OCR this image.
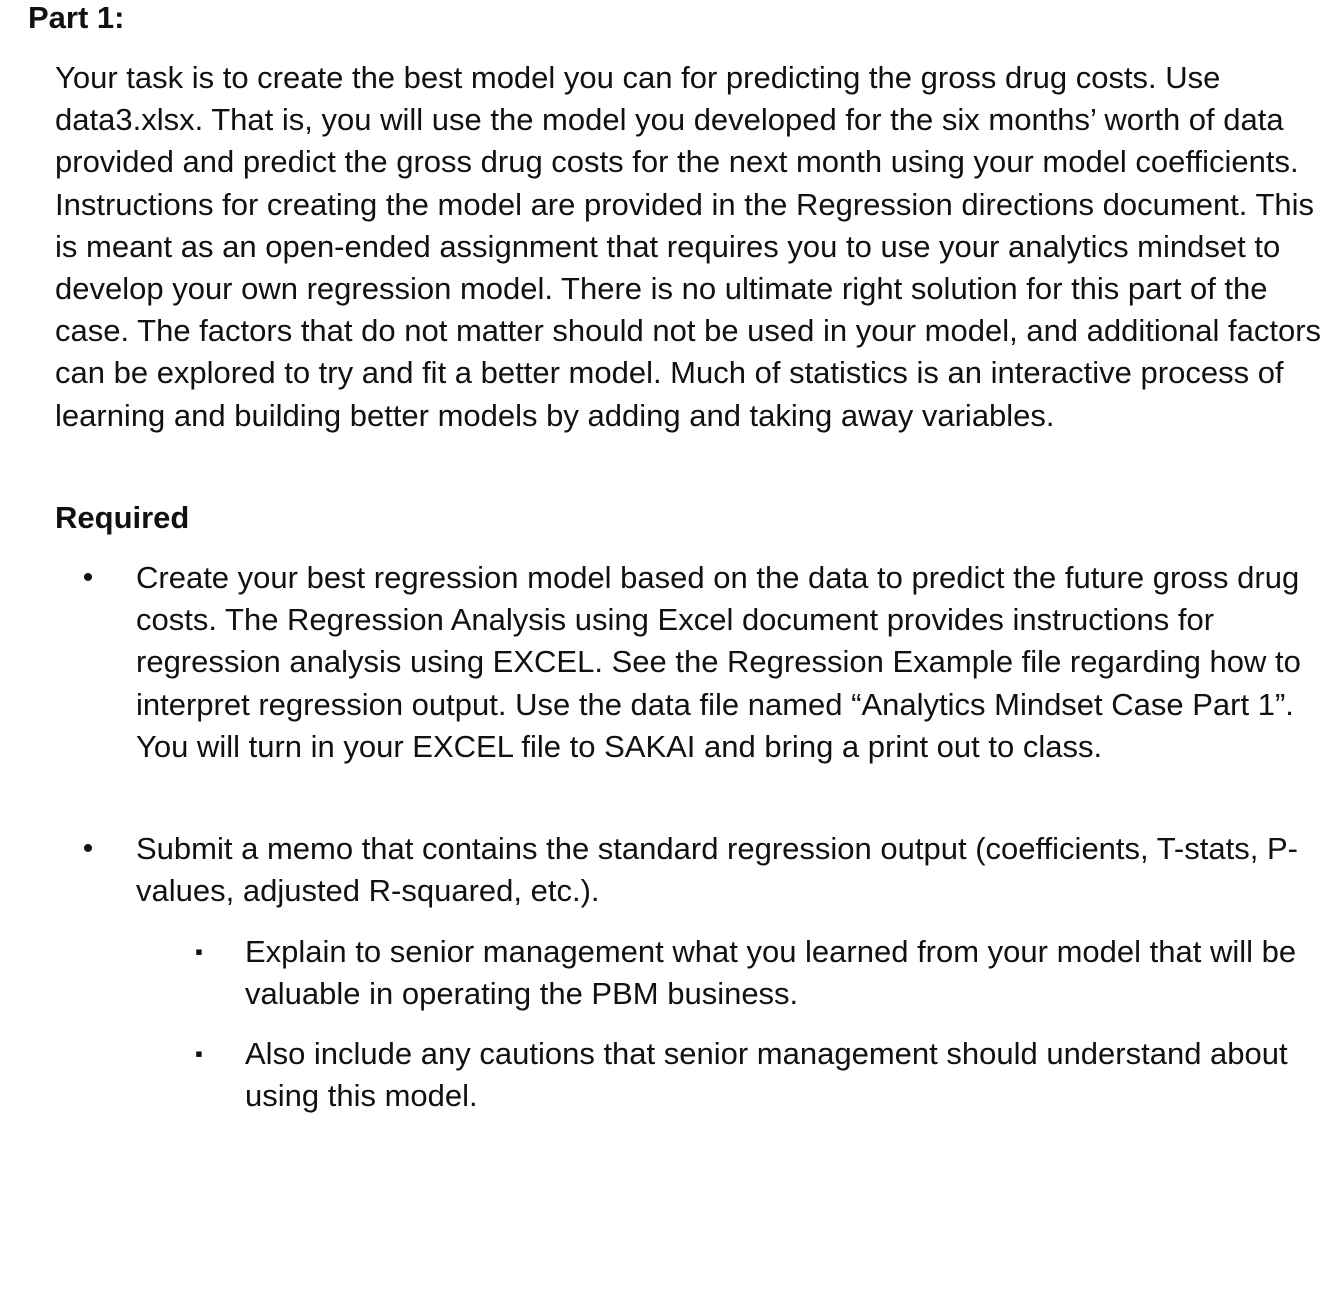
Part 1:

Your task is to create the best model you can for predicting the gross drug costs. Use data3.xlsx. That is, you will use the model you developed for the six months’ worth of data provided and predict the gross drug costs for the next month using your model coefficients. Instructions for creating the model are provided in the Regression directions document. This is meant as an open-ended assignment that requires you to use your analytics mindset to develop your own regression model. There is no ultimate right solution for this part of the case. The factors that do not matter should not be used in your model, and additional factors can be explored to try and fit a better model. Much of statistics is an interactive process of learning and building better models by adding and taking away variables.

Required
• Create your best regression model based on the data to predict the future gross drug costs. The Regression Analysis using Excel document provides instructions for regression analysis using EXCEL. See the Regression Example file regarding how to interpret regression output. Use the data file named “Analytics Mindset Case Part 1”. You will turn in your EXCEL file to SAKAI and bring a print out to class.

• Submit a memo that contains the standard regression output (coefficients, T-stats, P-values, adjusted R-squared, etc.).

▪ Explain to senior management what you learned from your model that will be valuable in operating the PBM business.

▪ Also include any cautions that senior management should understand about using this model.
